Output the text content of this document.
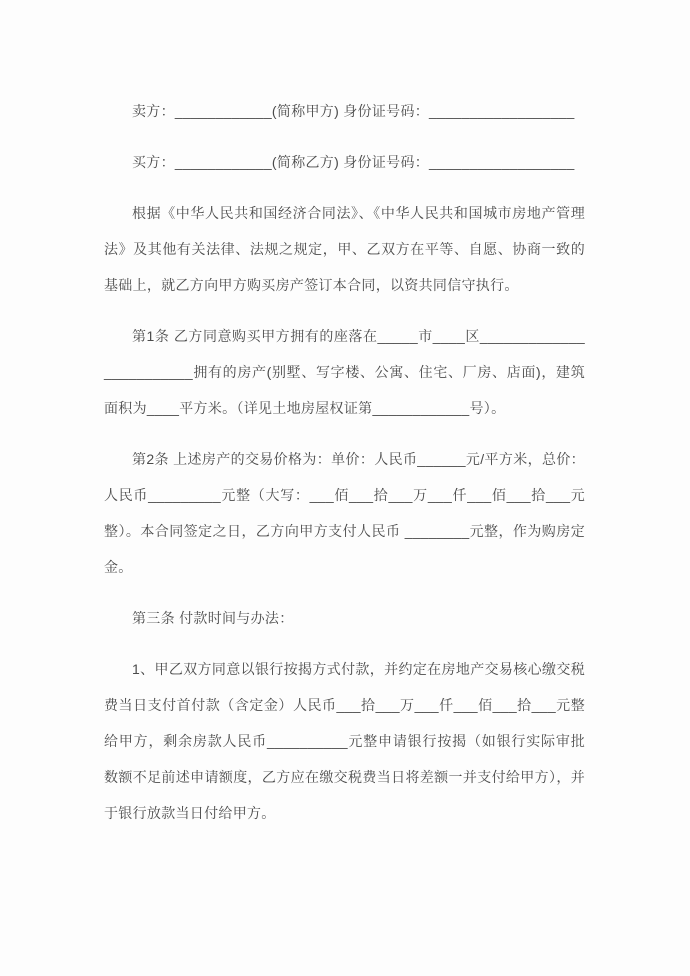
卖方：____________(简称甲方) 身份证号码：__________________

买方：____________(简称乙方) 身份证号码：__________________

根据《中华人民共和国经济合同法》、《中华人民共和国城市房地产管理法》及其他有关法律、法规之规定，甲、乙双方在平等、自愿、协商一致的基础上，就乙方向甲方购买房产签订本合同，以资共同信守执行。

第1条 乙方同意购买甲方拥有的座落在_____市____区________________________拥有的房产(别墅、写字楼、公寓、住宅、厂房、店面)，建筑面积为____平方米。（详见土地房屋权证第____________号）。

第2条 上述房产的交易价格为：单价：人民币______元/平方米，总价：人民币_________元整（大写：___佰___拾___万___仟___佰___拾___元整）。本合同签定之日，乙方向甲方支付人民币 ________元整，作为购房定金。

第三条 付款时间与办法：

1、甲乙双方同意以银行按揭方式付款，并约定在房地产交易核心缴交税费当日支付首付款（含定金）人民币___拾___万___仟___佰___拾___元整给甲方，剩余房款人民币__________元整申请银行按揭（如银行实际审批数额不足前述申请额度，乙方应在缴交税费当日将差额一并支付给甲方），并于银行放款当日付给甲方。
